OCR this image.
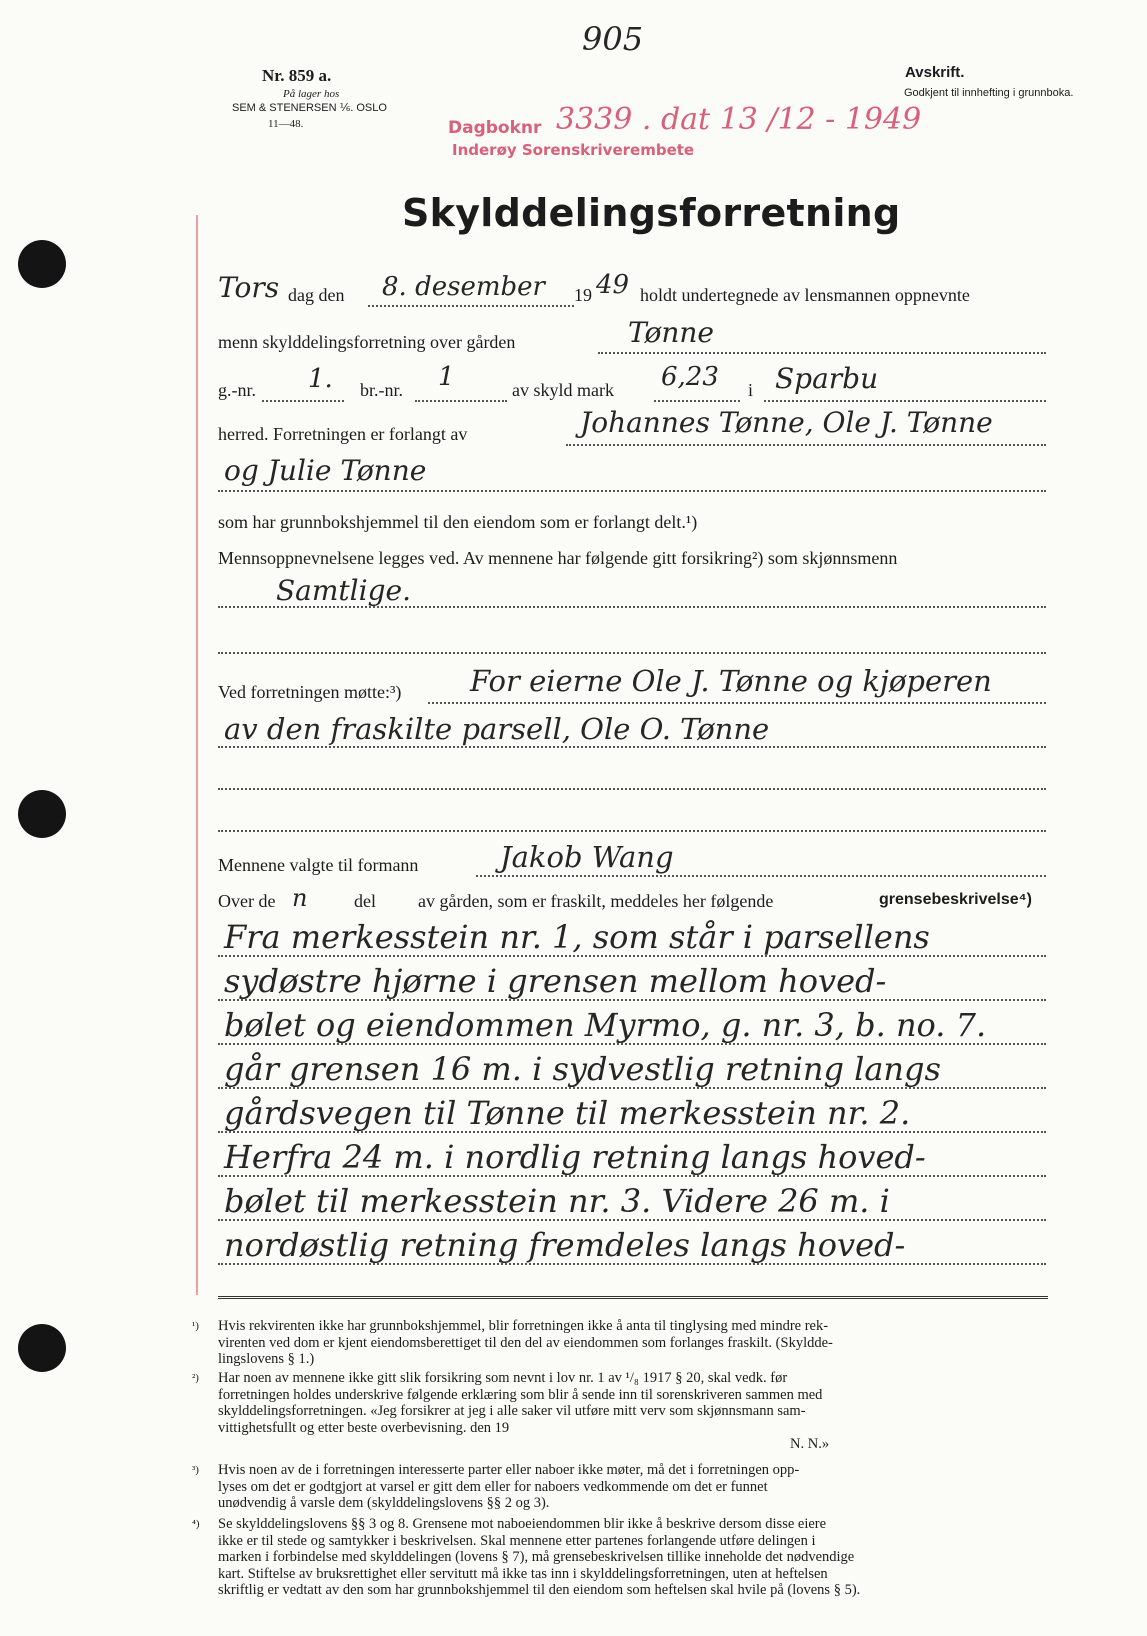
905
Nr. 859 a.
På lager hos
SEM & STENERSEN ⅙. OSLO
11—48.	Dagboknr 3339 . dat 13 /12 - 1949
Inderøy Sorenskriverembete
Avskrift.
Godkjent til innhefting i grunnboka.
Skylddelingsforretning
Tors dag den 8. desember 19 49 holdt undertegnede av lensmannen oppnevnte
menn skylddelingsforretning over gården	Tønne
g.-nr. 1. br.-nr. 1	av skyld mark 6,23 i Sparbu
herred. Forretningen er forlangt av	Johannes Tønne, Ole J. Tønne
og Julie Tønne
som har grunnbokshjemmel til den eiendom som er forlangt delt.¹)
Mennsoppnevnelsene legges ved. Av mennene har følgende gitt forsikring²) som skjønnsmenn
Samtlige.
Ved forretningen møtte:³) For eierne Ole J. Tønne og kjøperen
av den fraskilte parsell, Ole O. Tønne
Mennene valgte til formann	Jakob Wang
Over de n	del av gården, som er fraskilt, meddeles her følgende	grensebeskrivelse⁴)
Fra merkesstein nr. 1, som står i parsellens
sydøstre hjørne i grensen mellom hoved-
bølet og eiendommen Myrmo, g. nr. 3, b. no. 7.
går grensen 16 m. i sydvestlig retning langs
gårdsvegen til Tønne til merkesstein nr. 2.
Herfra 24 m. i nordlig retning langs hoved-
bølet til merkesstein nr. 3. Videre 26 m. i
nordøstlig retning fremdeles langs hoved-
¹) Hvis rekvirenten ikke har grunnbokshjemmel, blir forretningen ikke å anta til tinglysing med mindre rek-
virenten ved dom er kjent eiendomsberettiget til den del av eiendommen som forlanges fraskilt. (Skyldde-
lingslovens § 1.)
²) Har noen av mennene ikke gitt slik forsikring som nevnt i lov nr. 1 av ¹/₈ 1917 § 20, skal vedk. før
forretningen holdes underskrive følgende erklæring som blir å sende inn til sorenskriveren sammen med
skylddelingsforretningen. «Jeg forsikrer at jeg i alle saker vil utføre mitt verv som skjønnsmann sam-
vittighetsfullt og etter beste overbevisning. den 19
N. N.»
³) Hvis noen av de i forretningen interesserte parter eller naboer ikke møter, må det i forretningen opp-
lyses om det er godtgjort at varsel er gitt dem eller for naboers vedkommende om det er funnet
unødvendig å varsle dem (skylddelingslovens §§ 2 og 3).
⁴) Se skylddelingslovens §§ 3 og 8. Grensene mot naboeiendommen blir ikke å beskrive dersom disse eiere
ikke er til stede og samtykker i beskrivelsen. Skal mennene etter partenes forlangende utføre delingen i
marken i forbindelse med skylddelingen (lovens § 7), må grensebeskrivelsen tillike inneholde det nødvendige
kart. Stiftelse av bruksrettighet eller servitutt må ikke tas inn i skylddelingsforretningen, uten at heftelsen
skriftlig er vedtatt av den som har grunnbokshjemmel til den eiendom som heftelsen skal hvile på (lovens § 5).
